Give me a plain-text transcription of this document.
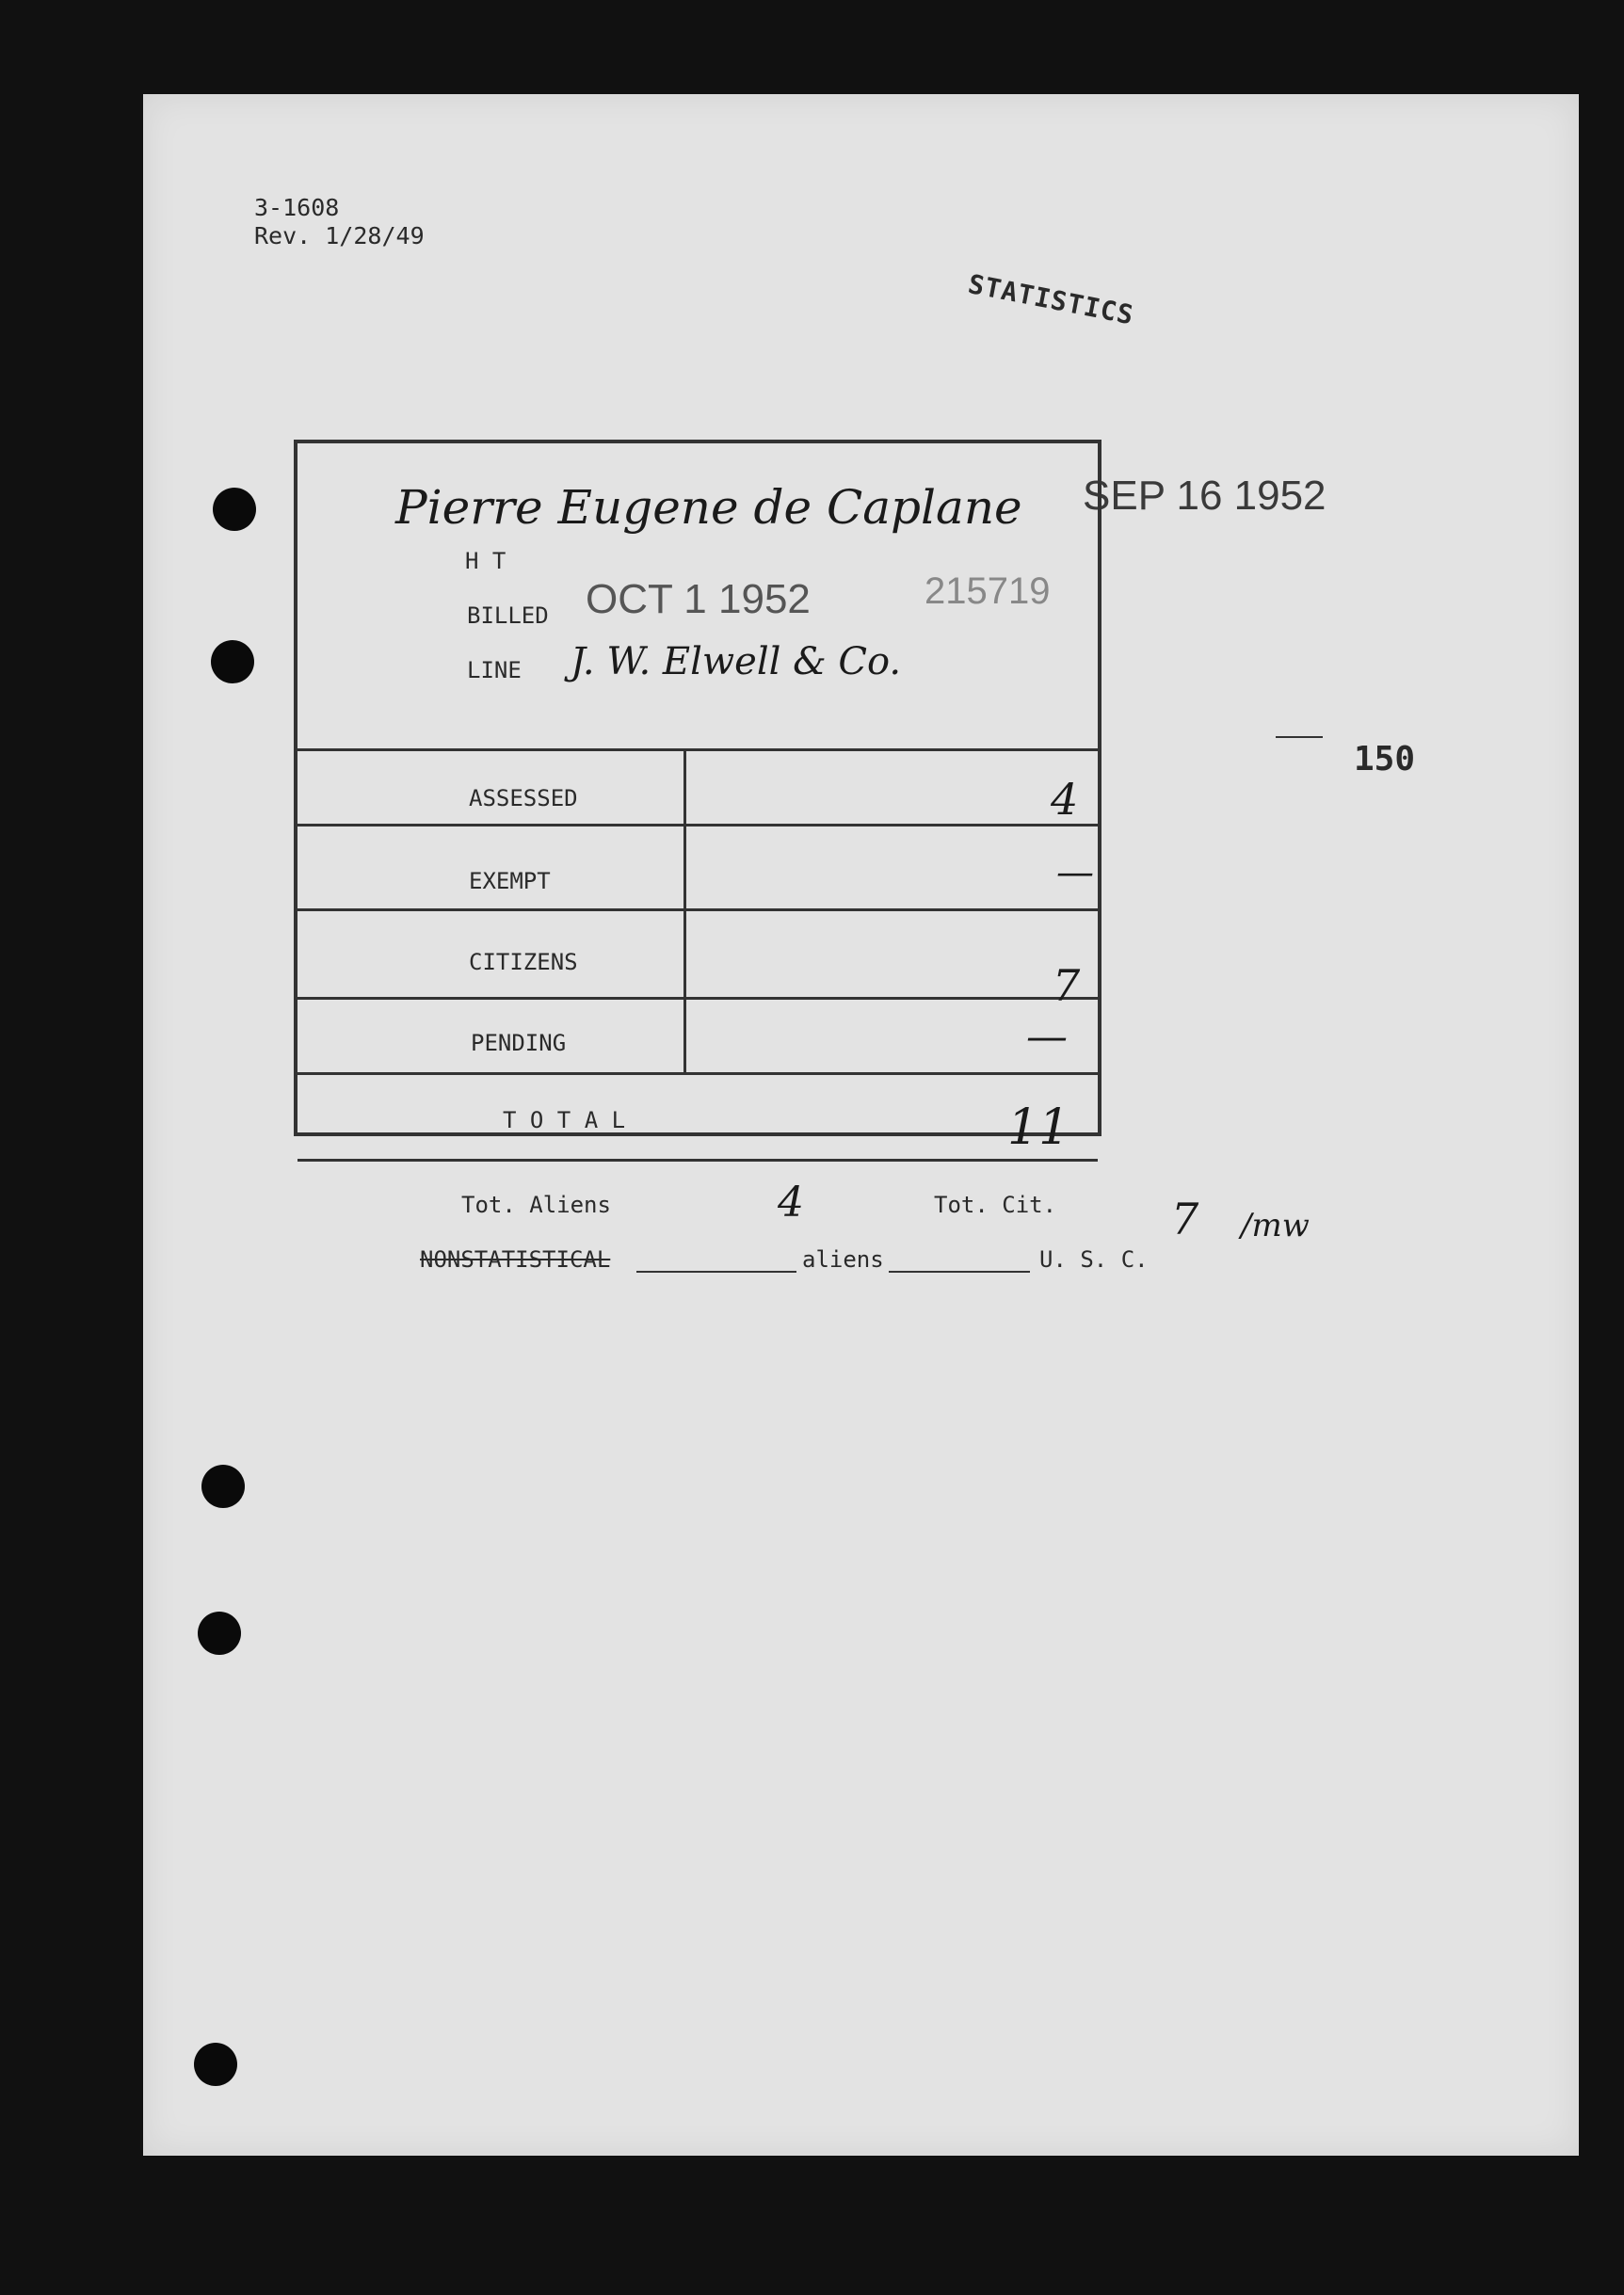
3-1608
Rev. 1/28/49
STATISTICS
Pierre Eugene de Caplane SEP 16 1952
150
H T
BILLED OCT 1 1952	215719
LINE J. W. Elwell & Co.
ASSESSED	4
EXEMPT	—
CITIZENS	7
PENDING	—
T O T A L	11
Tot. Aliens	4	Tot. Cit.	7 /mw
NONSTATISTICAL	aliens	U. S. C.
